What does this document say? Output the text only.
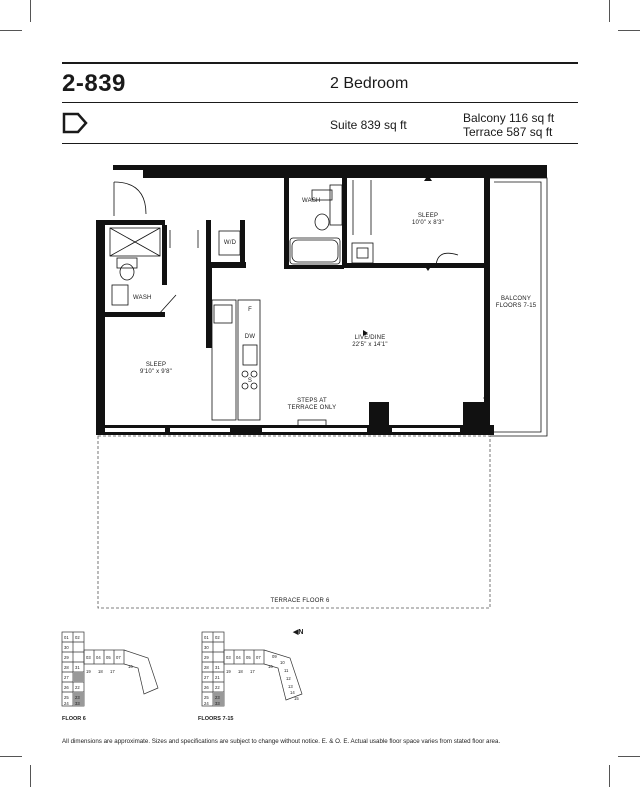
2-839	2 Bedroom
Suite 839 sq ft	Balcony 116 sq ft
Terrace 587 sq ft
WASH
SLEEP
10'0" x 8'3"
W/D
WASH
F
DW
S
LIVE/DINE
22'5" x 14'1"
BALCONY
FLOORS 7-15
SLEEP
9'10" x 9'8"
STEPS AT
TERRACE ONLY
TERRACE FLOOR 6
01 02
30
29
28
27
26
25
24
03 04 05 07
19 18 17
16
31
22
23
33
FLOOR 6
01 02
30
29
28
27
26
25
24
03 04 05 07
19 18 17
16
31
21
22
23
33
09
10
11
12
13
14
15
FLOORS 7-15
◀N
All dimensions are approximate. Sizes and specifications are subject to change without notice. E. & O. E. Actual usable floor space varies from stated floor area.
